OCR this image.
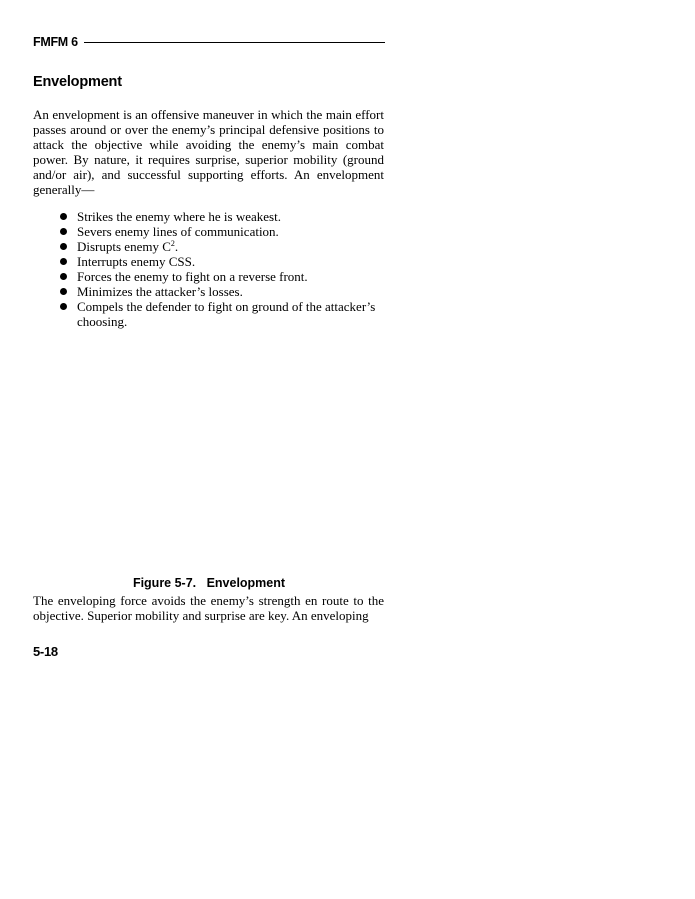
FMFM 6
Envelopment

An envelopment is an offensive maneuver in which the main effort passes around or over the enemy’s principal defensive positions to attack the objective while avoiding the enemy’s main combat power. By nature, it requires surprise, superior mobility (ground and/or air), and successful supporting efforts. An envelopment generally—

Strikes the enemy where he is weakest.
Severs enemy lines of communication.
Disrupts enemy $C^2$.
Interrupts enemy CSS.
Forces the enemy to fight on a reverse front.
Minimizes the attacker’s losses.
Compels the defender to fight on ground of the attacker’s choosing.

Figure 5-7.   Envelopment

The enveloping force avoids the enemy’s strength en route to the objective. Superior mobility and surprise are key. An enveloping

5-18
